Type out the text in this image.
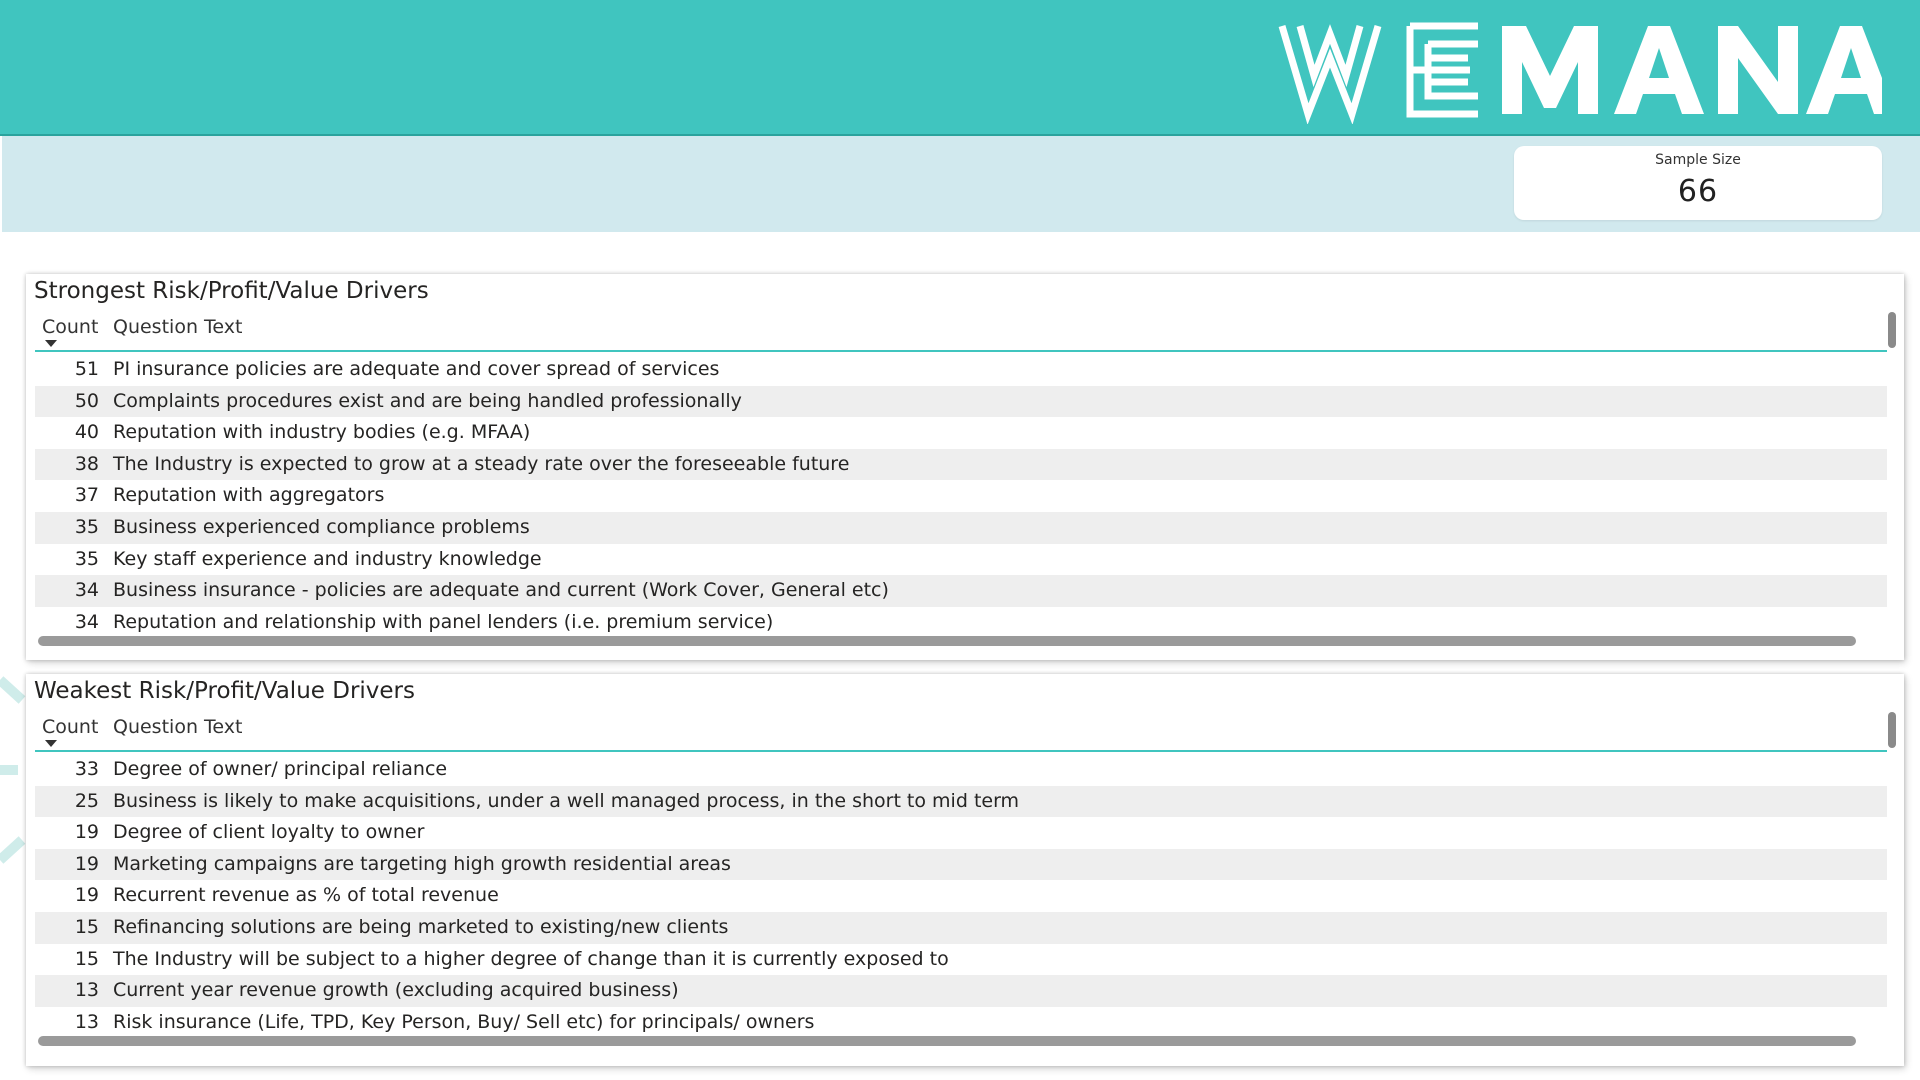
Sample Size
66
Strongest Risk/Profit/Value Drivers
Count Question Text
51 PI insurance policies are adequate and cover spread of services
50 Complaints procedures exist and are being handled professionally
40 Reputation with industry bodies (e.g. MFAA)
38 The Industry is expected to grow at a steady rate over the foreseeable future
37 Reputation with aggregators
35 Business experienced compliance problems
35 Key staff experience and industry knowledge
34 Business insurance - policies are adequate and current (Work Cover, General etc)
34 Reputation and relationship with panel lenders (i.e. premium service)
Weakest Risk/Profit/Value Drivers
Count Question Text
33 Degree of owner/ principal reliance
25 Business is likely to make acquisitions, under a well managed process, in the short to mid term
19 Degree of client loyalty to owner
19 Marketing campaigns are targeting high growth residential areas
19 Recurrent revenue as % of total revenue
15 Refinancing solutions are being marketed to existing/new clients
15 The Industry will be subject to a higher degree of change than it is currently exposed to
13 Current year revenue growth (excluding acquired business)
13 Risk insurance (Life, TPD, Key Person, Buy/ Sell etc) for principals/ owners
